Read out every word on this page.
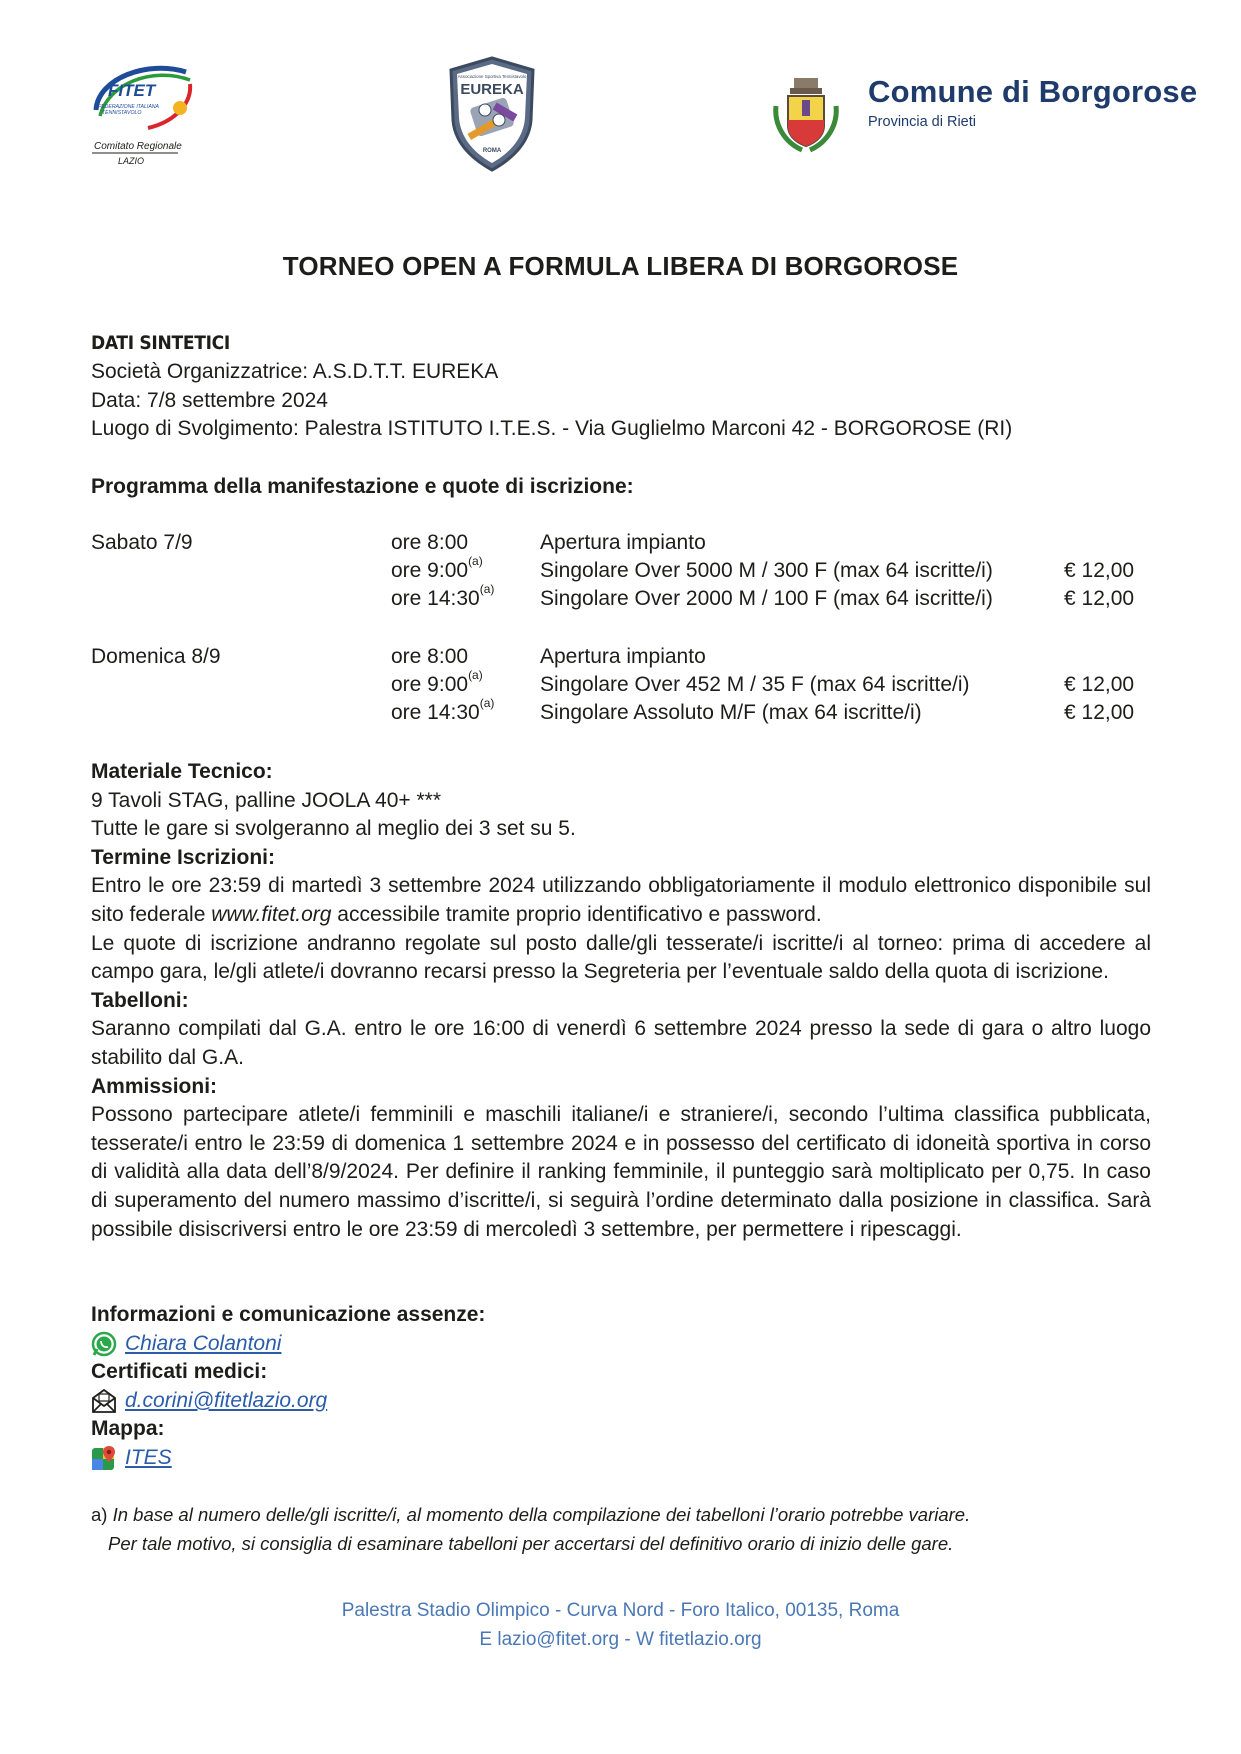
FITET
FEDERAZIONE ITALIANA
TENNISTAVOLO
Comitato Regionale
LAZIO
Associazione Sportiva Tennistavolo
EUREKA
ROMA
Comune di Borgorose
Provincia di Rieti
TORNEO OPEN A FORMULA LIBERA DI BORGOROSE
DATI SINTETICI
Società Organizzatrice: A.S.D.T.T. EUREKA
Data: 7/8 settembre 2024
Luogo di Svolgimento: Palestra ISTITUTO I.T.E.S. - Via Guglielmo Marconi 42 - BORGOROSE (RI)
Programma della manifestazione e quote di iscrizione:
Sabato 7/9	ore 8:00	Apertura impianto
ore 9:00$^{(a)}$	Singolare Over 5000 M / 300 F (max 64 iscritte/i)	€ 12,00
ore 14:30$^{(a)}$ Singolare Over 2000 M / 100 F (max 64 iscritte/i)	€ 12,00
Domenica 8/9	ore 8:00	Apertura impianto
ore 9:00$^{(a)}$	Singolare Over 452 M / 35 F (max 64 iscritte/i)	€ 12,00
ore 14:30$^{(a)}$ Singolare Assoluto M/F (max 64 iscritte/i)	€ 12,00
Materiale Tecnico:
9 Tavoli STAG, palline JOOLA 40+ ***
Tutte le gare si svolgeranno al meglio dei 3 set su 5.
Termine Iscrizioni:
Entro le ore 23:59 di martedì 3 settembre 2024 utilizzando obbligatoriamente il modulo elettronico disponibile sul sito federale www.fitet.org accessibile tramite proprio identificativo e password.
Le quote di iscrizione andranno regolate sul posto dalle/gli tesserate/i iscritte/i al torneo: prima di accedere al campo gara, le/gli atlete/i dovranno recarsi presso la Segreteria per l’eventuale saldo della quota di iscrizione.
Tabelloni:
Saranno compilati dal G.A. entro le ore 16:00 di venerdì 6 settembre 2024 presso la sede di gara o altro luogo stabilito dal G.A.
Ammissioni:
Possono partecipare atlete/i femminili e maschili italiane/i e straniere/i, secondo l’ultima classifica pubblicata, tesserate/i entro le 23:59 di domenica 1 settembre 2024 e in possesso del certificato di idoneità sportiva in corso di validità alla data dell’8/9/2024. Per definire il ranking femminile, il punteggio sarà moltiplicato per 0,75. In caso di superamento del numero massimo d’iscritte/i, si seguirà l’ordine determinato dalla posizione in classifica. Sarà possibile disiscriversi entro le ore 23:59 di mercoledì 3 settembre, per permettere i ripescaggi.
Informazioni e comunicazione assenze:
Chiara Colantoni
Certificati medici:
d.corini@fitetlazio.org
Mappa:
ITES
a) In base al numero delle/gli iscritte/i, al momento della compilazione dei tabelloni l’orario potrebbe variare.
Per tale motivo, si consiglia di esaminare tabelloni per accertarsi del definitivo orario di inizio delle gare.
Palestra Stadio Olimpico - Curva Nord - Foro Italico, 00135, Roma
E lazio@fitet.org - W fitetlazio.org
